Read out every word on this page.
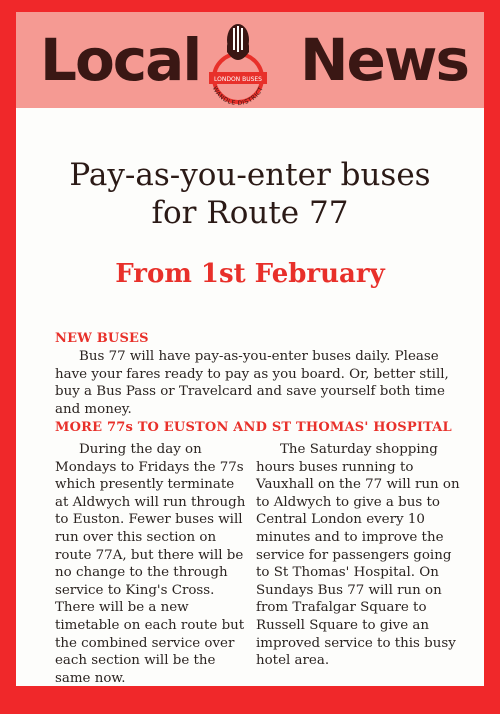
Local LONDON BUSES
WANDLE DISTRICT News
Pay-as-you-enter buses
for Route 77
From 1st February
NEW BUSES
Bus 77 will have pay-as-you-enter buses daily. Please have your fares ready to pay as you board. Or, better still, buy a Bus Pass or Travelcard and save yourself both time and money.
MORE 77s TO EUSTON AND ST THOMAS' HOSPITAL
During the day on Mondays to Fridays the 77s which presently terminate at Aldwych will run through to Euston. Fewer buses will run over this section on route 77A, but there will be no change to the through service to King's Cross. There will be a new timetable on each route but the combined service over each section will be the same now.
The Saturday shopping hours buses running to Vauxhall on the 77 will run on to Aldwych to give a bus to Central London every 10 minutes and to improve the service for passengers going to St Thomas' Hospital. On Sundays Bus 77 will run on from Trafalgar Square to Russell Square to give an improved service to this busy hotel area.
